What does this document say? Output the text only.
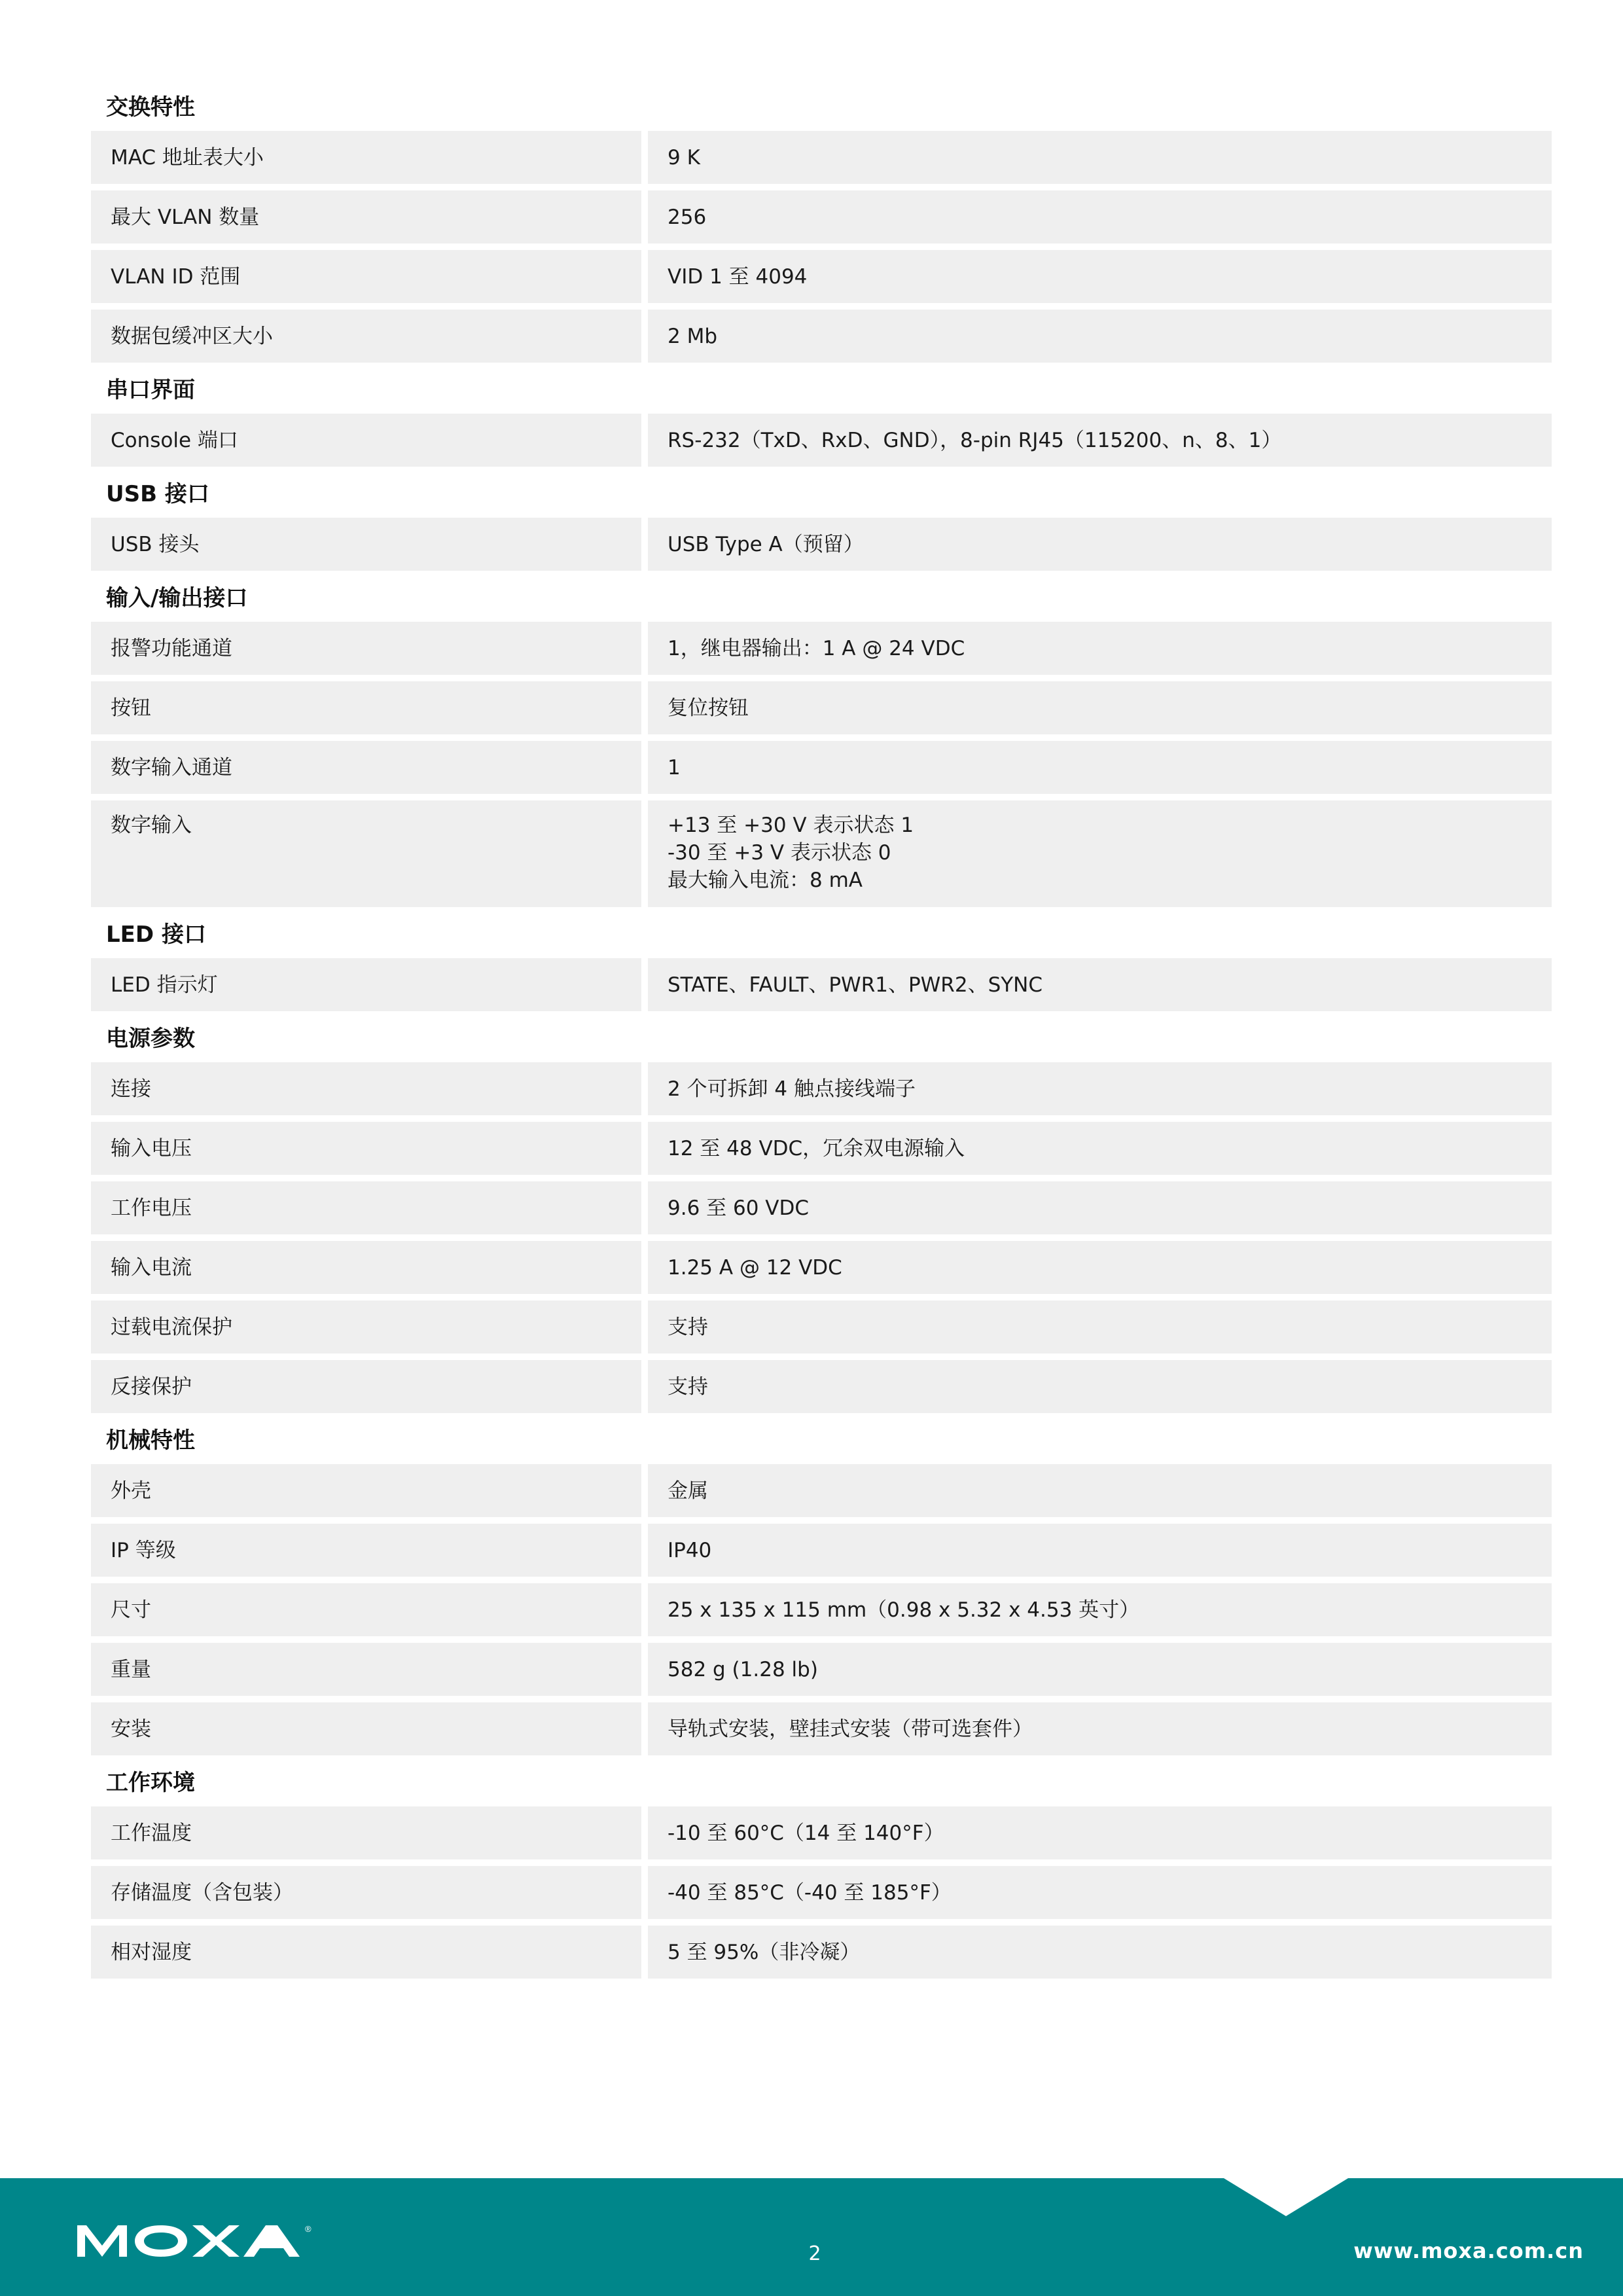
交换特性
MAC 地址表大小	9 K
最大 VLAN 数量	256
VLAN ID 范围	VID 1 至 4094
数据包缓冲区大小	2 Mb
串口界面
Console 端口	RS-232（TxD、RxD、GND），8-pin RJ45（115200、n、8、1）
USB 接口
USB 接头	USB Type A（预留）
输入/输出接口
报警功能通道	1，继电器输出：1 A @ 24 VDC
按钮	复位按钮
数字输入通道	1
数字输入	+13 至 +30 V 表示状态 1
-30 至 +3 V 表示状态 0
最大输入电流：8 mA
LED 接口
LED 指示灯	STATE、FAULT、PWR1、PWR2、SYNC
电源参数
连接	2 个可拆卸 4 触点接线端子
输入电压	12 至 48 VDC，冗余双电源输入
工作电压	9.6 至 60 VDC
输入电流	1.25 A @ 12 VDC
过载电流保护	支持
反接保护	支持
机械特性
外壳	金属
IP 等级	IP40
尺寸	25 x 135 x 115 mm（0.98 x 5.32 x 4.53 英寸）
重量	582 g (1.28 lb)
安装	导轨式安装，壁挂式安装（带可选套件）
工作环境
工作温度	-10 至 60°C（14 至 140°F）
存储温度（含包装）	-40 至 85°C（-40 至 185°F）
相对湿度	5 至 95%（非冷凝）
®
MOXA
2	www.moxa.com.cn
